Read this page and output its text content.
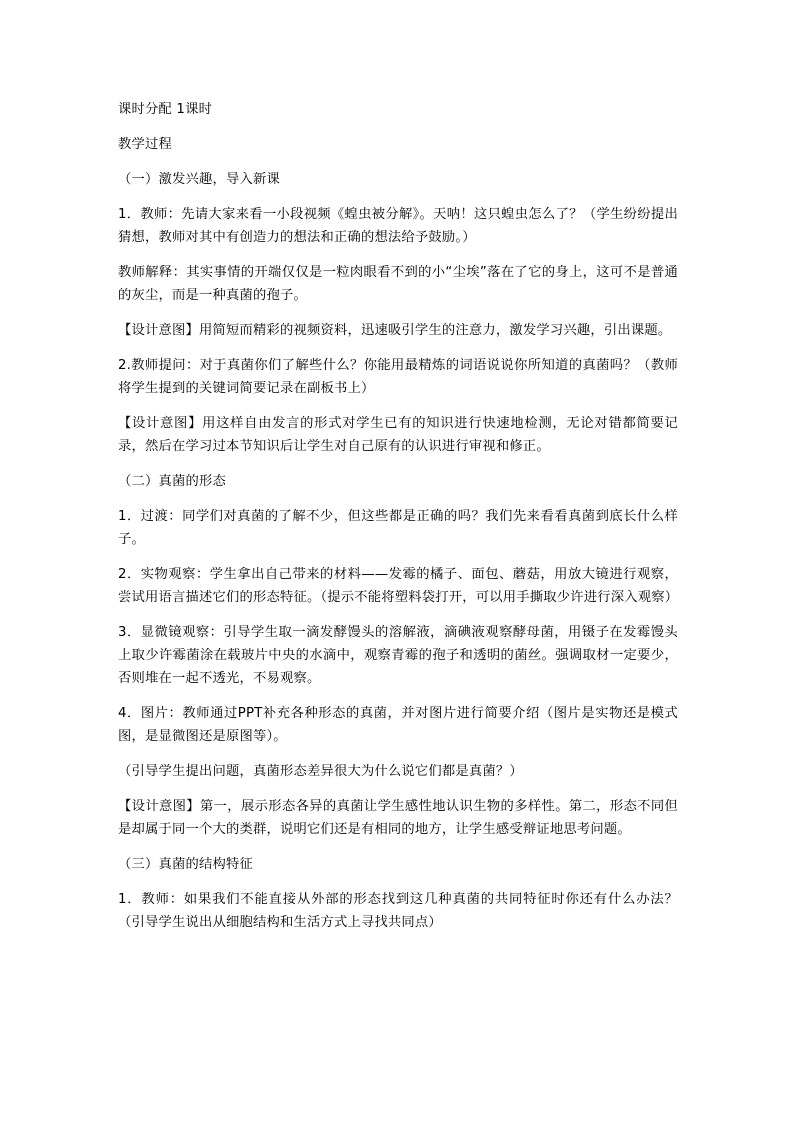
课时分配 1课时

教学过程

（一）激发兴趣，导入新课

1．教师：先请大家来看一小段视频《蝗虫被分解》。天呐！这只蝗虫怎么了？（学生纷纷提出猜想，教师对其中有创造力的想法和正确的想法给予鼓励。）

教师解释：其实事情的开端仅仅是一粒肉眼看不到的小“尘埃”落在了它的身上，这可不是普通的灰尘，而是一种真菌的孢子。

【设计意图】用简短而精彩的视频资料，迅速吸引学生的注意力，激发学习兴趣，引出课题。

2.教师提问：对于真菌你们了解些什么？你能用最精炼的词语说说你所知道的真菌吗？（教师将学生提到的关键词简要记录在副板书上）

【设计意图】用这样自由发言的形式对学生已有的知识进行快速地检测，无论对错都简要记录，然后在学习过本节知识后让学生对自己原有的认识进行审视和修正。

（二）真菌的形态

1．过渡：同学们对真菌的了解不少，但这些都是正确的吗？我们先来看看真菌到底长什么样子。

2．实物观察：学生拿出自己带来的材料——发霉的橘子、面包、蘑菇，用放大镜进行观察，尝试用语言描述它们的形态特征。（提示不能将塑料袋打开，可以用手撕取少许进行深入观察）

3．显微镜观察：引导学生取一滴发酵馒头的溶解液，滴碘液观察酵母菌，用镊子在发霉馒头上取少许霉菌涂在载玻片中央的水滴中，观察青霉的孢子和透明的菌丝。强调取材一定要少，否则堆在一起不透光，不易观察。

4．图片：教师通过PPT补充各种形态的真菌，并对图片进行简要介绍（图片是实物还是模式图，是显微图还是原图等）。

（引导学生提出问题，真菌形态差异很大为什么说它们都是真菌？）

【设计意图】第一，展示形态各异的真菌让学生感性地认识生物的多样性。第二，形态不同但是却属于同一个大的类群，说明它们还是有相同的地方，让学生感受辩证地思考问题。

（三）真菌的结构特征

1．教师：如果我们不能直接从外部的形态找到这几种真菌的共同特征时你还有什么办法？（引导学生说出从细胞结构和生活方式上寻找共同点）
